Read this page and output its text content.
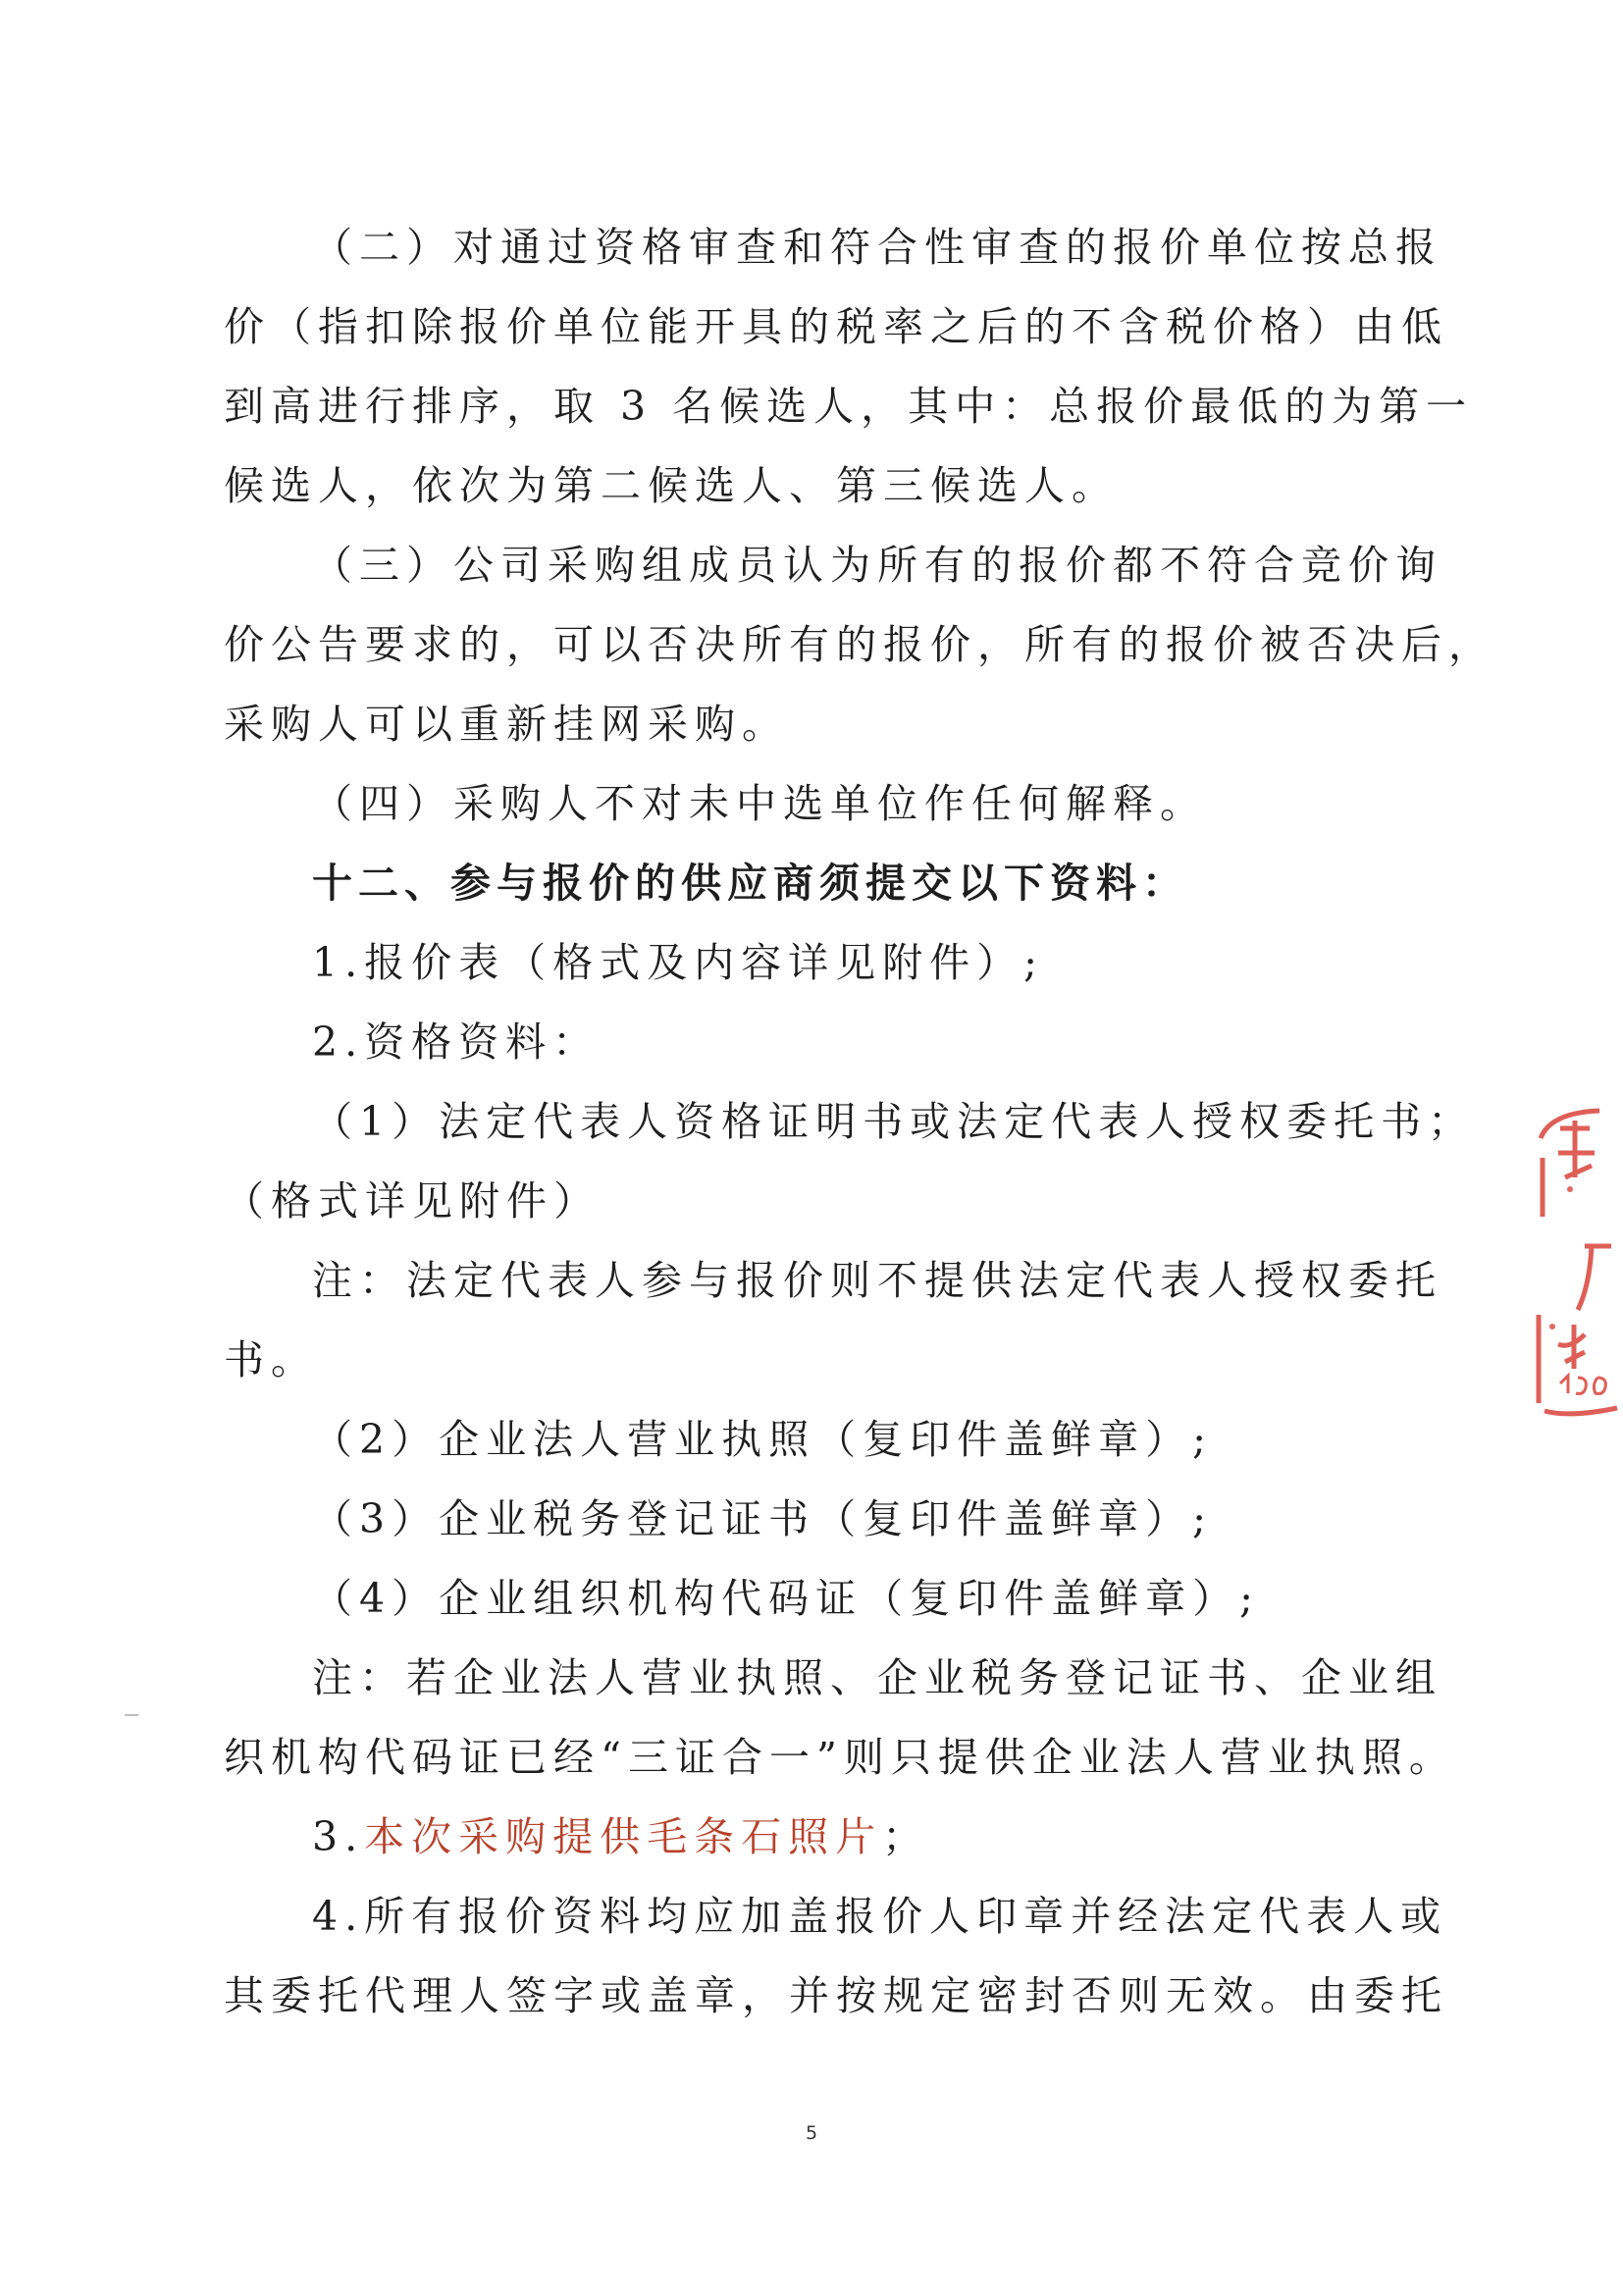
（二）对通过资格审查和符合性审查的报价单位按总报
价（指扣除报价单位能开具的税率之后的不含税价格）由低
到高进行排序，取 3 名候选人，其中：总报价最低的为第一
候选人，依次为第二候选人、第三候选人。
（三）公司采购组成员认为所有的报价都不符合竞价询
价公告要求的，可以否决所有的报价，所有的报价被否决后，
采购人可以重新挂网采购。
（四）采购人不对未中选单位作任何解释。
十二、参与报价的供应商须提交以下资料：
1.报价表（格式及内容详见附件）;
2.资格资料：
（1）法定代表人资格证明书或法定代表人授权委托书；
（格式详见附件）
注：法定代表人参与报价则不提供法定代表人授权委托
书。
（2）企业法人营业执照（复印件盖鲜章）;
（3）企业税务登记证书（复印件盖鲜章）;
（4）企业组织机构代码证（复印件盖鲜章）;
注：若企业法人营业执照、企业税务登记证书、企业组
织机构代码证已经“三证合一”则只提供企业法人营业执照。
3.本次采购提供毛条石照片；
4.所有报价资料均应加盖报价人印章并经法定代表人或
其委托代理人签字或盖章，并按规定密封否则无效。由委托
5
